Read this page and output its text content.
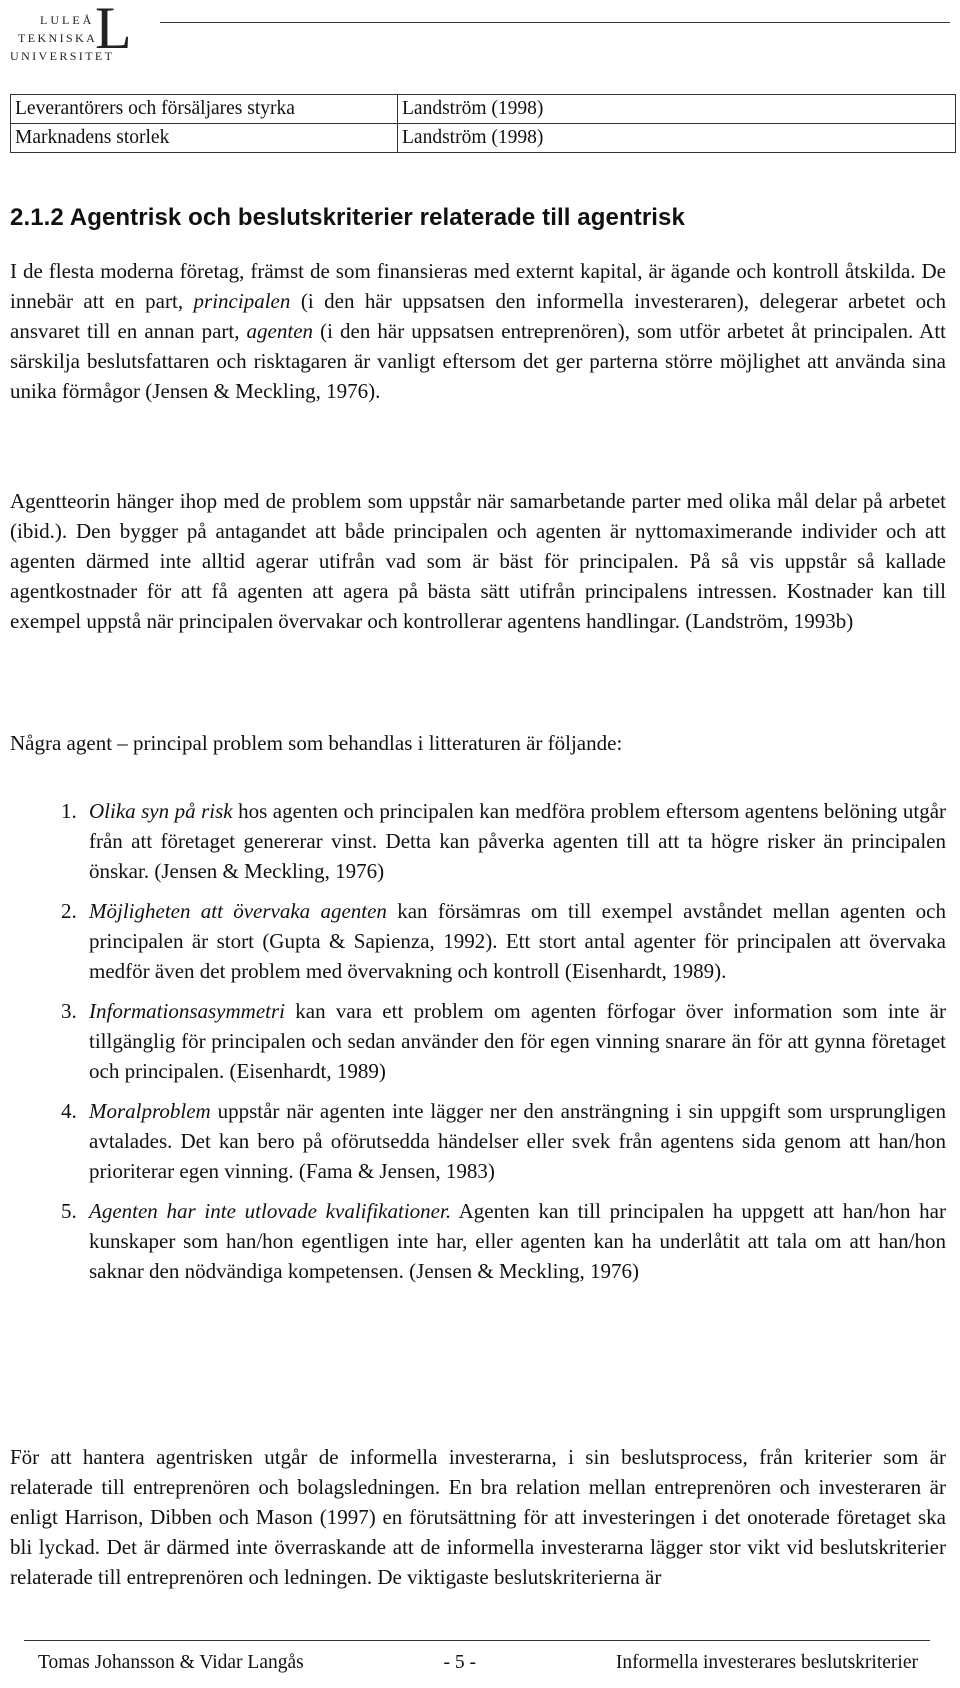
LULEÅ
TEKNISKA
UNIVERSITET
L
Leverantörers och försäljares styrka	Landström (1998)
Marknadens storlek	Landström (1998)
2.1.2 Agentrisk och beslutskriterier relaterade till agentrisk
I de flesta moderna företag, främst de som finansieras med externt kapital, är ägande och kontroll åtskilda. De innebär att en part, principalen (i den här uppsatsen den informella investeraren), delegerar arbetet och ansvaret till en annan part, agenten (i den här uppsatsen entreprenören), som utför arbetet åt principalen. Att särskilja beslutsfattaren och risktagaren är vanligt eftersom det ger parterna större möjlighet att använda sina unika förmågor (Jensen & Meckling, 1976).
Agentteorin hänger ihop med de problem som uppstår när samarbetande parter med olika mål delar på arbetet (ibid.). Den bygger på antagandet att både principalen och agenten är nyttomaximerande individer och att agenten därmed inte alltid agerar utifrån vad som är bäst för principalen. På så vis uppstår så kallade agentkostnader för att få agenten att agera på bästa sätt utifrån principalens intressen. Kostnader kan till exempel uppstå när principalen övervakar och kontrollerar agentens handlingar. (Landström, 1993b)
Några agent – principal problem som behandlas i litteraturen är följande:
1. Olika syn på risk hos agenten och principalen kan medföra problem eftersom agentens belöning utgår från att företaget genererar vinst. Detta kan påverka agenten till att ta högre risker än principalen önskar. (Jensen & Meckling, 1976)
2. Möjligheten att övervaka agenten kan försämras om till exempel avståndet mellan agenten och principalen är stort (Gupta & Sapienza, 1992). Ett stort antal agenter för principalen att övervaka medför även det problem med övervakning och kontroll (Eisenhardt, 1989).
3. Informationsasymmetri kan vara ett problem om agenten förfogar över information som inte är tillgänglig för principalen och sedan använder den för egen vinning snarare än för att gynna företaget och principalen. (Eisenhardt, 1989)
4. Moralproblem uppstår när agenten inte lägger ner den ansträngning i sin uppgift som ursprungligen avtalades. Det kan bero på oförutsedda händelser eller svek från agentens sida genom att han/hon prioriterar egen vinning. (Fama & Jensen, 1983)
5. Agenten har inte utlovade kvalifikationer. Agenten kan till principalen ha uppgett att han/hon har kunskaper som han/hon egentligen inte har, eller agenten kan ha underlåtit att tala om att han/hon saknar den nödvändiga kompetensen. (Jensen & Meckling, 1976)
För att hantera agentrisken utgår de informella investerarna, i sin beslutsprocess, från kriterier som är relaterade till entreprenören och bolagsledningen. En bra relation mellan entreprenören och investeraren är enligt Harrison, Dibben och Mason (1997) en förutsättning för att investeringen i det onoterade företaget ska bli lyckad. Det är därmed inte överraskande att de informella investerarna lägger stor vikt vid beslutskriterier relaterade till entreprenören och ledningen. De viktigaste beslutskriterierna är
Tomas Johansson & Vidar Langås	- 5 -	Informella investerares beslutskriterier
